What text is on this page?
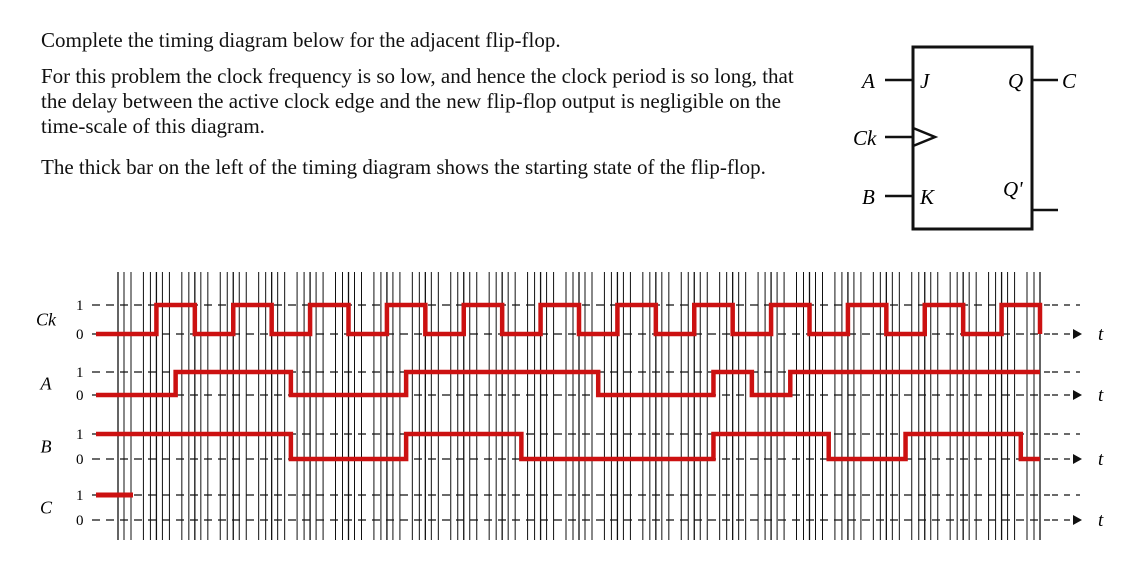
Complete the timing diagram below for the adjacent flip-flop.

For this problem the clock frequency is so low, and hence the clock period is so long, that the delay between the active clock edge and the new flip-flop output is negligible on the time-scale of this diagram.

The thick bar on the left of the timing diagram shows the starting state of the flip-flop.

A J
Ck
B K
Q C
Q'
Ck
1
0	t
A
1
0	t
B
1
0	t
C
1
0	t
